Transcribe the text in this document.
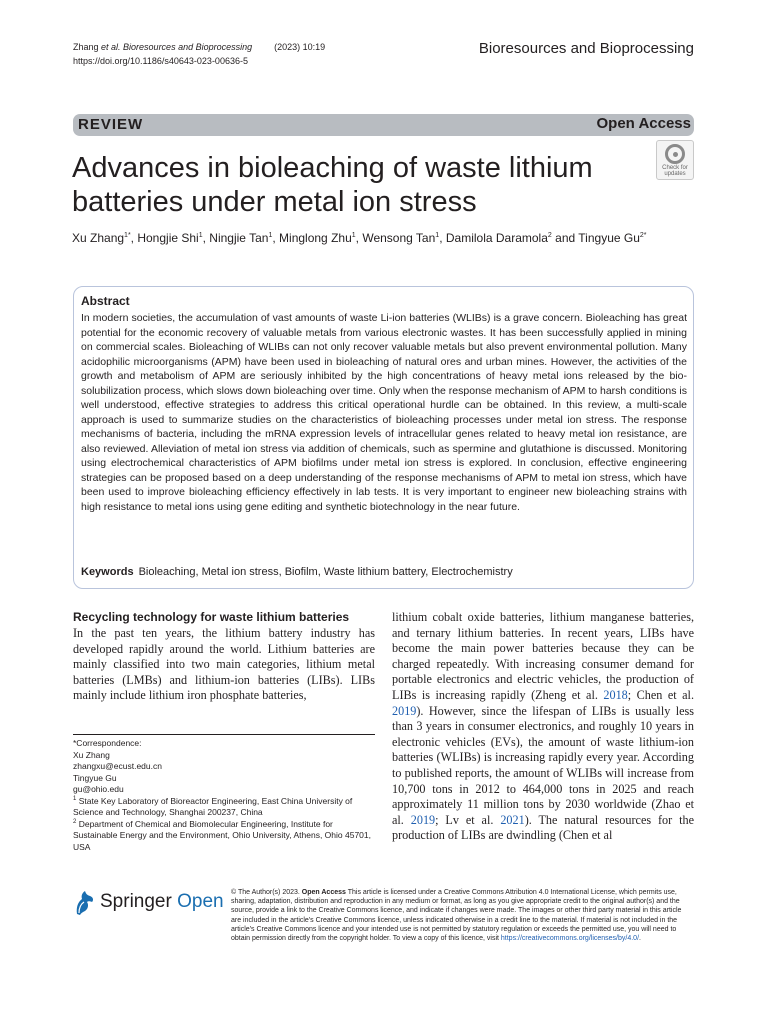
Zhang et al. Bioresources and Bioprocessing (2023) 10:19
https://doi.org/10.1186/s40643-023-00636-5
Bioresources and Bioprocessing
REVIEW	Open Access
Advances in bioleaching of waste lithium batteries under metal ion stress
Check for
updates
Xu Zhang$^{1*}$, Hongjie Shi$^1$, Ningjie Tan$^1$, Minglong Zhu$^1$, Wensong Tan$^1$, Damilola Daramola$^2$ and Tingyue $Gu^{2*}$
Abstract
In modern societies, the accumulation of vast amounts of waste Li-ion batteries (WLIBs) is a grave concern. Bioleaching has great potential for the economic recovery of valuable metals from various electronic wastes. It has been successfully applied in mining on commercial scales. Bioleaching of WLIBs can not only recover valuable metals but also prevent environmental pollution. Many acidophilic microorganisms (APM) have been used in bioleaching of natural ores and urban mines. However, the activities of the growth and metabolism of APM are seriously inhibited by the high concentrations of heavy metal ions released by the bio-solubilization process, which slows down bioleaching over time. Only when the response mechanism of APM to harsh conditions is well understood, effective strategies to address this critical operational hurdle can be obtained. In this review, a multi-scale approach is used to summarize studies on the characteristics of bioleaching processes under metal ion stress. The response mechanisms of bacteria, including the mRNA expression levels of intracellular genes related to heavy metal ion resistance, are also reviewed. Alleviation of metal ion stress via addition of chemicals, such as spermine and glutathione is discussed. Monitoring using electrochemical characteristics of APM biofilms under metal ion stress is explored. In conclusion, effective engineering strategies can be proposed based on a deep understanding of the response mechanisms of APM to metal ion stress, which have been used to improve bioleaching efficiency effectively in lab tests. It is very important to engineer new bioleaching strains with high resistance to metal ions using gene editing and synthetic biotechnology in the near future.
Keywords Bioleaching, Metal ion stress, Biofilm, Waste lithium battery, Electrochemistry
Recycling technology for waste lithium batteries
In the past ten years, the lithium battery industry has developed rapidly around the world. Lithium batteries are mainly classified into two main categories, lithium metal batteries (LMBs) and lithium-ion batteries (LIBs). LIBs mainly include lithium iron phosphate batteries,
lithium cobalt oxide batteries, lithium manganese batteries, and ternary lithium batteries. In recent years, LIBs have become the main power batteries because they can be charged repeatedly. With increasing consumer demand for portable electronics and electric vehicles, the production of LIBs is increasing rapidly (Zheng et al. 2018; Chen et al. 2019). However, since the lifespan of LIBs is usually less than 3 years in consumer electronics, and roughly 10 years in electronic vehicles (EVs), the amount of waste lithium-ion batteries (WLIBs) is increasing rapidly every year. According to published reports, the amount of WLIBs will increase from 10,700 tons in 2012 to 464,000 tons in 2025 and reach approximately 11 million tons by 2030 worldwide (Zhao et al. 2019; Lv et al. 2021). The natural resources for the production of LIBs are dwindling (Chen et al
*Correspondence:
Xu Zhang
zhangxu@ecust.edu.cn
Tingyue Gu
gu@ohio.edu
$^1$ State Key Laboratory of Bioreactor Engineering, East China University of Science and Technology, Shanghai 200237, China
$^2$ Department of Chemical and Biomolecular Engineering, Institute for Sustainable Energy and the Environment, Ohio University, Athens, Ohio 45701, USA
Springer Open © The Author(s) 2023. Open Access This article is licensed under a Creative Commons Attribution 4.0 International License, which permits use, sharing, adaptation, distribution and reproduction in any medium or format, as long as you give appropriate credit to the original author(s) and the source, provide a link to the Creative Commons licence, and indicate if changes were made. The images or other third party material in this article are included in the article's Creative Commons licence, unless indicated otherwise in a credit line to the material. If material is not included in the article's Creative Commons licence and your intended use is not permitted by statutory regulation or exceeds the permitted use, you will need to obtain permission directly from the copyright holder. To view a copy of this licence, visit https://creativecommons.org/licenses/by/4.0/.
